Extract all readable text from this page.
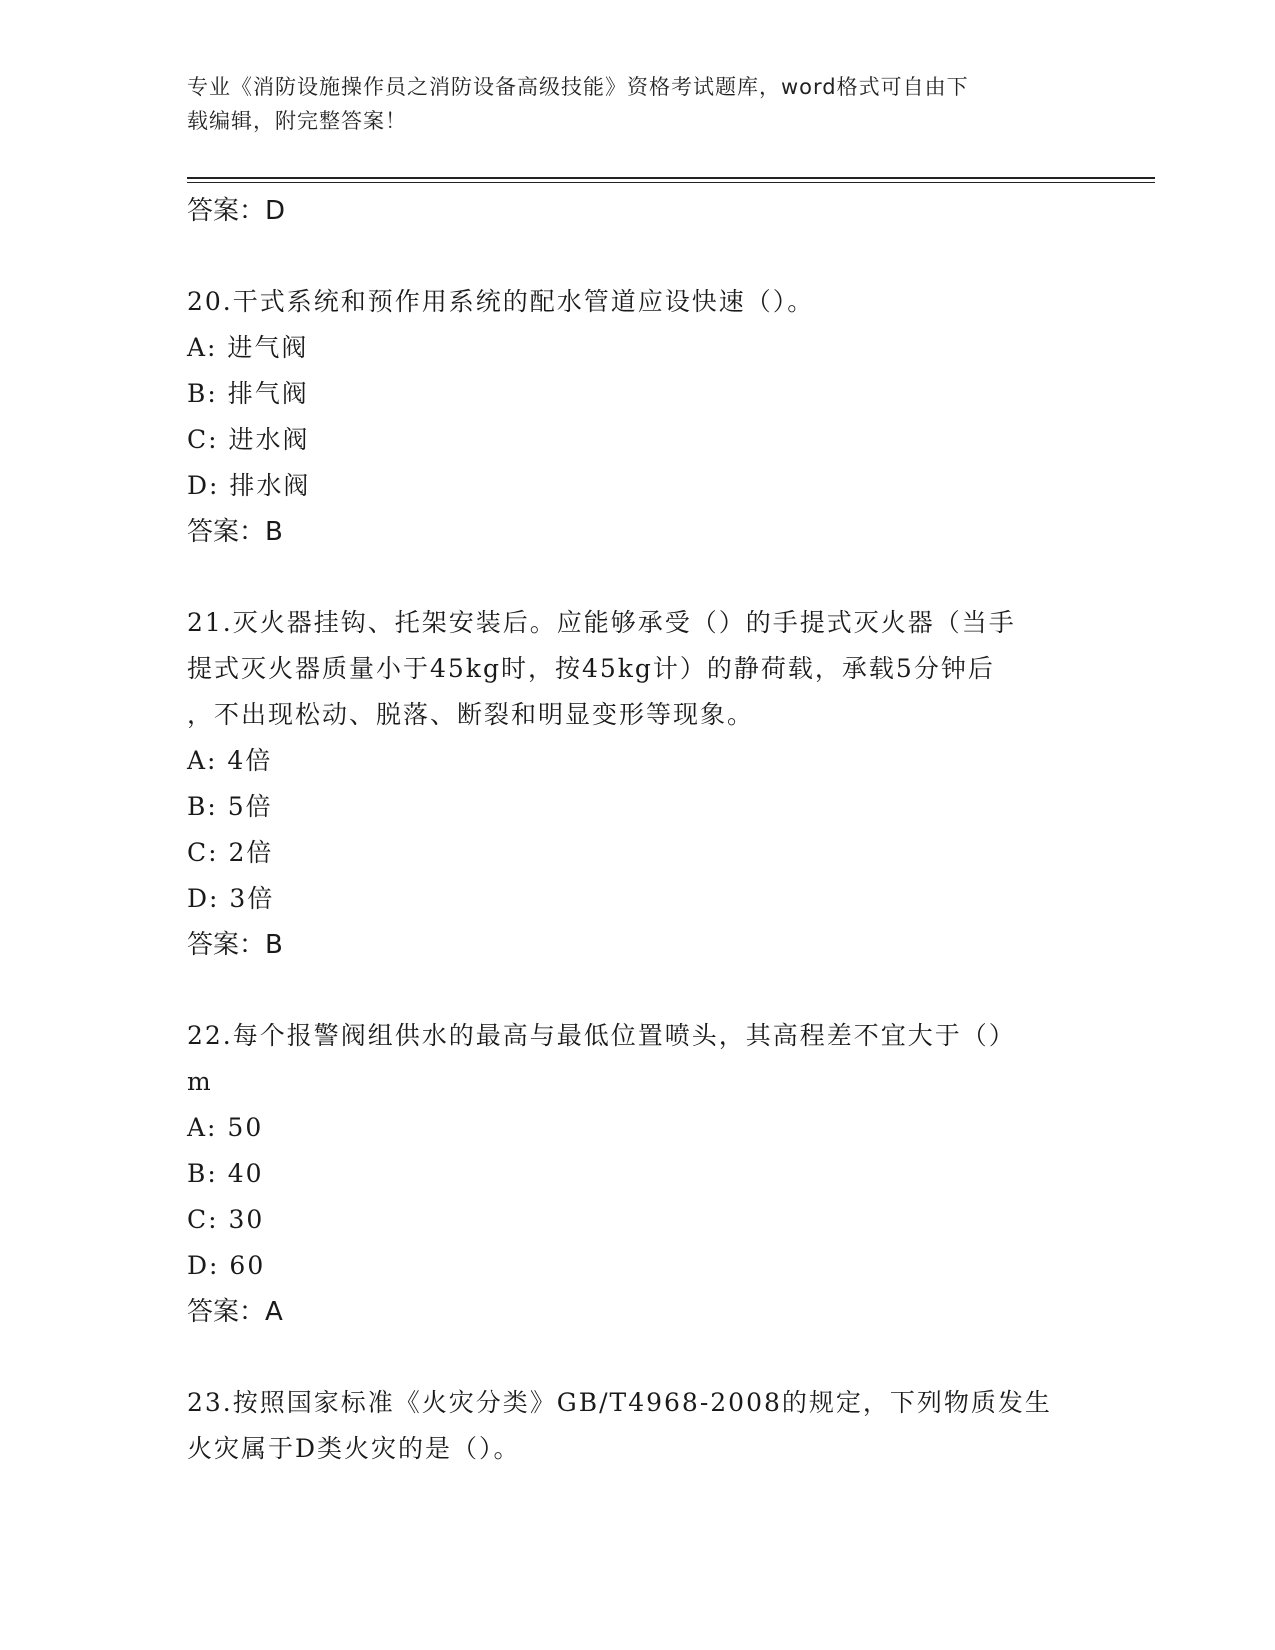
专业《消防设施操作员之消防设备高级技能》资格考试题库，word格式可自由下
载编辑，附完整答案！

答案：D

20.干式系统和预作用系统的配水管道应设快速（）。

A: 进气阀

B: 排气阀

C: 进水阀

D: 排水阀

答案：B

21.灭火器挂钩、托架安装后。应能够承受（）的手提式灭火器（当手

提式灭火器质量小于45kg时，按45kg计）的静荷载，承载5分钟后

，不出现松动、脱落、断裂和明显变形等现象。

A: 4倍

B: 5倍

C: 2倍

D: 3倍

答案：B

22.每个报警阀组供水的最高与最低位置喷头，其高程差不宜大于（）

m

A: 50

B: 40

C: 30

D: 60

答案：A

23.按照国家标准《火灾分类》GB/T4968-2008的规定，下列物质发生

火灾属于D类火灾的是（）。
